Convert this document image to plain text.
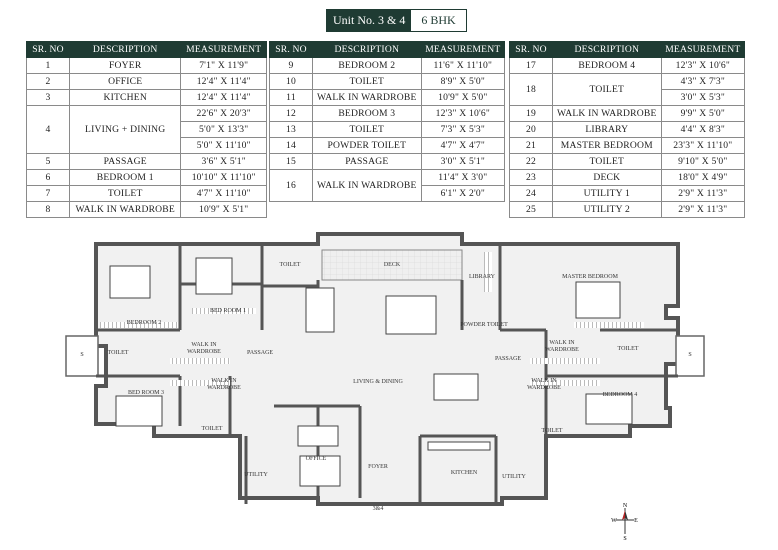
Unit No. 3 & 4	6 BHK
SR. NO	DESCRIPTION	MEASUREMENT
1	FOYER	7'1" X 11'9"
2	OFFICE	12'4" X 11'4"
3	KITCHEN	12'4" X 11'4"
4	LIVING + DINING	22'6" X 20'3"
		5'0" X 13'3"
		5'0" X 11'10"
5	PASSAGE	3'6" X 5'1"
6	BEDROOM 1	10'10" X 11'10"
7	TOILET	4'7" X 11'10"
8	WALK IN WARDROBE	10'9" X 5'1"
SR. NO	DESCRIPTION	MEASUREMENT
9	BEDROOM 2	11'6" X 11'10"
10	TOILET	8'9" X 5'0"
11	WALK IN WARDROBE	10'9" X 5'0"
12	BEDROOM 3	12'3" X 10'6"
13	TOILET	7'3" X 5'3"
14	POWDER TOILET	4'7" X 4'7"
15	PASSAGE	3'0" X 5'1"
16	WALK IN WARDROBE	11'4" X 3'0"
		6'1" X 2'0"
SR. NO	DESCRIPTION	MEASUREMENT
17	BEDROOM 4	12'3" X 10'6"
18	TOILET	4'3" X 7'3"
		3'0" X 5'3"
19	WALK IN WARDROBE	9'9" X 5'0"
20	LIBRARY	4'4" X 8'3"
21	MASTER BEDROOM	23'3" X 11'10"
22	TOILET	9'10" X 5'0"
23	DECK	18'0" X 4'9"
24	UTILITY 1	2'9" X 11'3"
25	UTILITY 2	2'9" X 11'3"
TOILET	DECK
LIBRARY	MASTER BEDROOM
BEDROOM 2
BED ROOM 1
POWDER TOILET
S	S
TOILET
WALK IN
WARDROBE	PASSAGE
PASSAGE
WALK IN
WARDROBE	TOILET
LIVING & DINING
WALK IN
WARDROBE
WALK IN
WARDROBE
BED ROOM 3	BEDROOM 4
TOILET	TOILET
OFFICE
FOYER
KITCHEN
UTILITY	UTILITY
3&4	N
S
W	E
